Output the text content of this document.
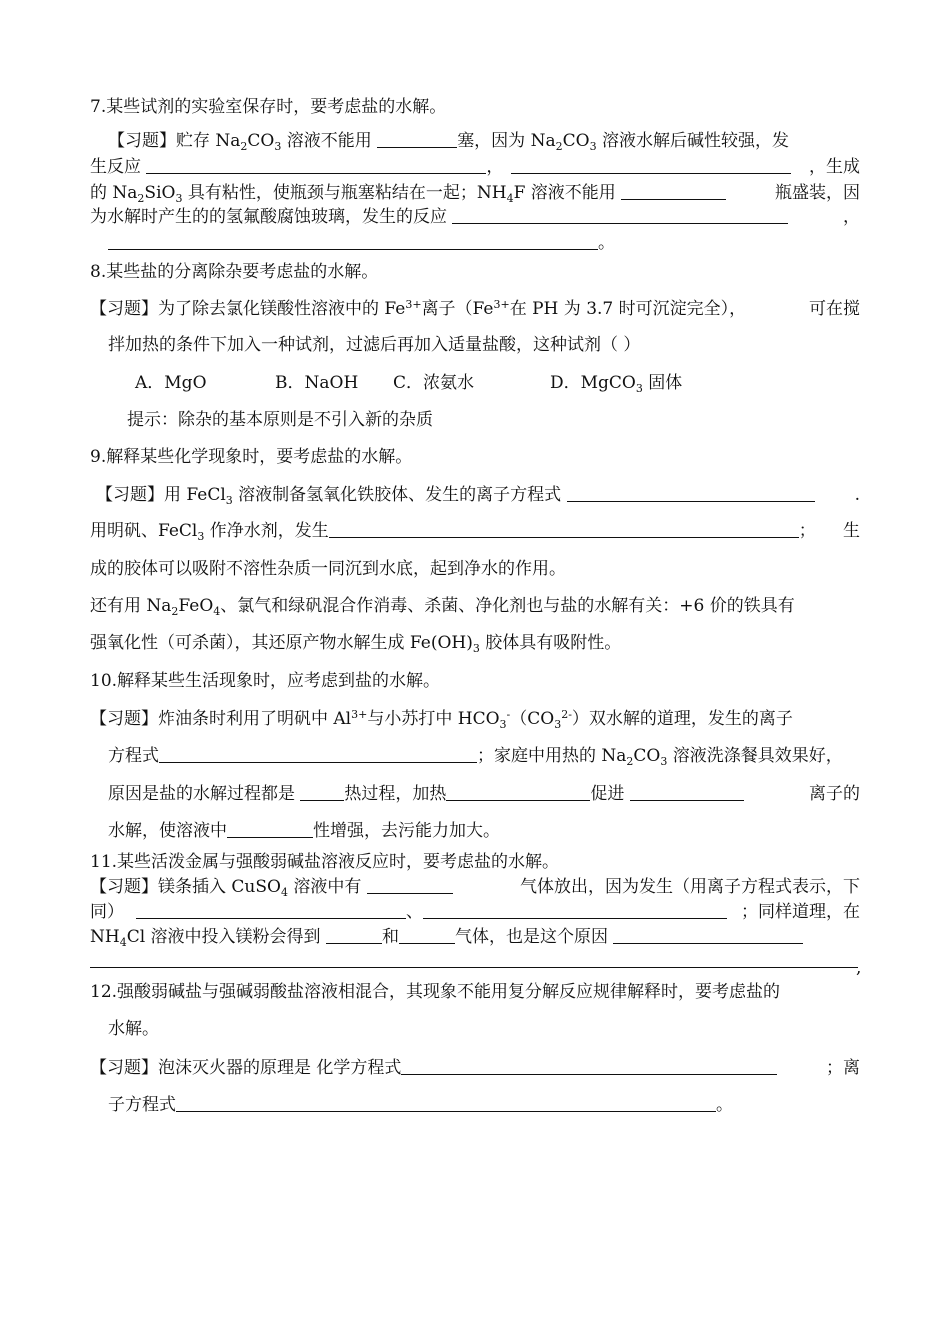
7.某些试剂的实验室保存时，要考虑盐的水解。
【习题】贮存 $Na_2CO_3$ 溶液不能用	塞，因为 $Na_2CO_3$ 溶液水解后碱性较强，发
生反应	，	，生成
的 $Na_2SiO_3$ 具有粘性，使瓶颈与瓶塞粘结在一起；$NH_4F$ 溶液不能用	瓶盛装，因
为水解时产生的的氢氟酸腐蚀玻璃，发生的反应	，
。
8.某些盐的分离除杂要考虑盐的水解。
【习题】为了除去氯化镁酸性溶液中的 $Fe^{3+}$离子（$Fe^{3+}$在 PH 为 3.7 时可沉淀完全），	可在搅
拌加热的条件下加入一种试剂，过滤后再加入适量盐酸，这种试剂（ ）
A．MgO	B．NaOH C．浓氨水	D．MgCO$_3$ 固体
提示：除杂的基本原则是不引入新的杂质
9.解释某些化学现象时，要考虑盐的水解。
【习题】用 FeCl$_3$ 溶液制备氢氧化铁胶体、发生的离子方程式	.
用明矾、FeCl$_3$ 作净水剂，发生	； 生
成的胶体可以吸附不溶性杂质一同沉到水底，起到净水的作用。
还有用 $Na_2FeO_4$、氯气和绿矾混合作消毒、杀菌、净化剂也与盐的水解有关：+6 价的铁具有
强氧化性（可杀菌），其还原产物水解生成 $Fe(OH)_3$ 胶体具有吸附性。
10.解释某些生活现象时，应考虑到盐的水解。
【习题】炸油条时利用了明矾中 $Al^{3+}$与小苏打中 $HCO_3^-(CO_3^{2-})$双水解的道理，发生的离子
方程式	；家庭中用热的 $Na_2CO_3$ 溶液洗涤餐具效果好，
原因是盐的水解过程都是	热过程，加热	促进	离子的
水解，使溶液中	性增强，去污能力加大。
11.某些活泼金属与强酸弱碱盐溶液反应时，要考虑盐的水解。
【习题】镁条插入 CuSO$_4$ 溶液中有	气体放出，因为发生（用离子方程式表示，下
同）	、	；同样道理，在
$NH_4Cl$ 溶液中投入镁粉会得到	和	气体，也是这个原因
,
12.强酸弱碱盐与强碱弱酸盐溶液相混合，其现象不能用复分解反应规律解释时，要考虑盐的
水解。
【习题】泡沫灭火器的原理是 化学方程式	；离
子方程式	。
